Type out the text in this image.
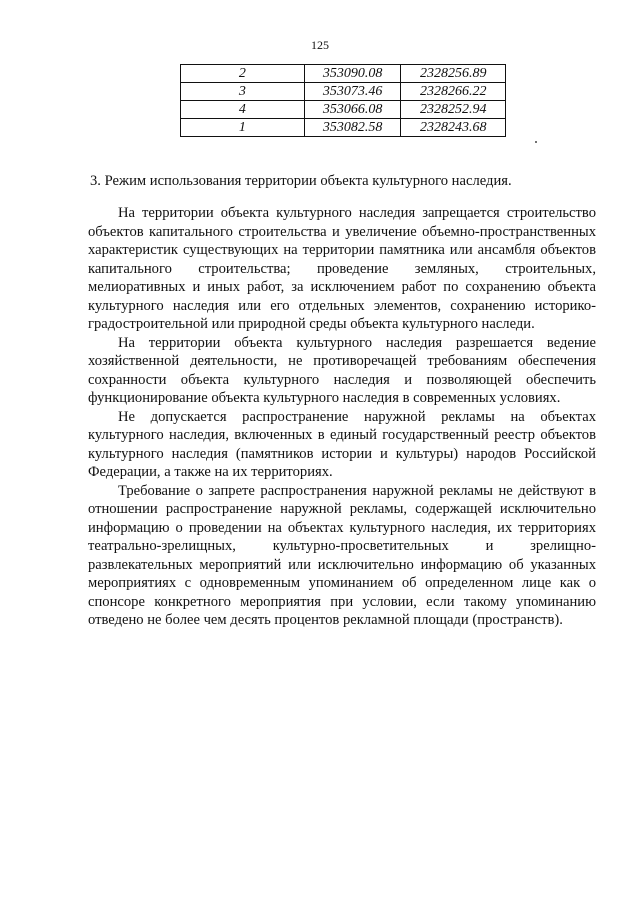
125
2	353090.08	2328256.89
3	353073.46	2328266.22
4	353066.08	2328252.94
1	353082.58	2328243.68
3. Режим использования территории объекта культурного наследия.

На территории объекта культурного наследия запрещается строительство объектов капитального строительства и увеличение объемно-пространственных характеристик существующих на территории памятника или ансамбля объектов капитального строительства; проведение земляных, строительных, мелиоративных и иных работ, за исключением работ по сохранению объекта культурного наследия или его отдельных элементов, сохранению историко-градостроительной или природной среды объекта культурного наследи.

На территории объекта культурного наследия разрешается ведение хозяйственной деятельности, не противоречащей требованиям обеспечения сохранности объекта культурного наследия и позволяющей обеспечить функционирование объекта культурного наследия в современных условиях.

Не допускается распространение наружной рекламы на объектах культурного наследия, включенных в единый государственный реестр объектов культурного наследия (памятников истории и культуры) народов Российской Федерации, а также на их территориях.

Требование о запрете распространения наружной рекламы не действуют в отношении распространение наружной рекламы, содержащей исключительно информацию о проведении на объектах культурного наследия, их территориях театрально-зрелищных, культурно-просветительных и зрелищно-развлекательных мероприятий или исключительно информацию об указанных мероприятиях с одновременным упоминанием об определенном лице как о спонсоре конкретного мероприятия при условии, если такому упоминанию отведено не более чем десять процентов рекламной площади (пространств).
